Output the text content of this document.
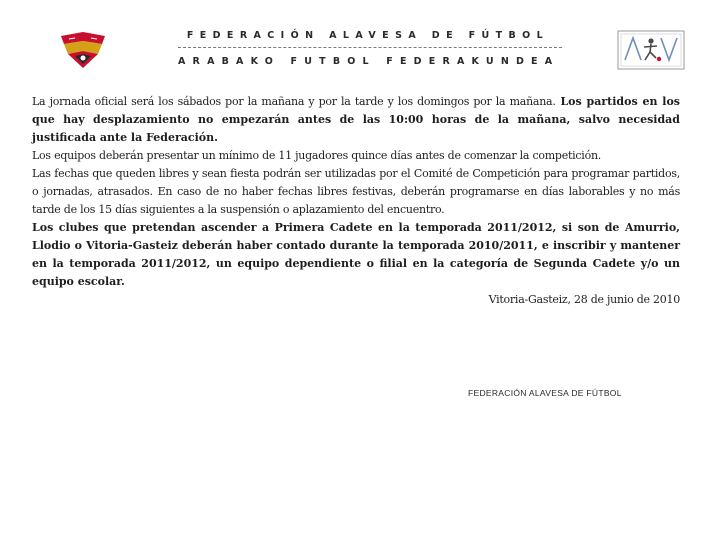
FEDERACIÓN ALAVESA DE FÚTBOL
ARABAKO FUTBOL FEDERAKUNDEA

La jornada oficial será los sábados por la mañana y por la tarde y los domingos por la mañana. Los partidos en los que hay desplazamiento no empezarán antes de las 10:00 horas de la mañana, salvo necesidad justificada ante la Federación.

Los equipos deberán presentar un mínimo de 11 jugadores quince días antes de comenzar la competición.

Las fechas que queden libres y sean fiesta podrán ser utilizadas por el Comité de Competición para programar partidos, o jornadas, atrasados. En caso de no haber fechas libres festivas, deberán programarse en días laborables y no más tarde de los 15 días siguientes a la suspensión o aplazamiento del encuentro.

Los clubes que pretendan ascender a Primera Cadete en la temporada 2011/2012, si son de Amurrio, Llodio o Vitoria-Gasteiz deberán haber contado durante la temporada 2010/2011, e inscribir y mantener en la temporada 2011/2012, un equipo dependiente o filial en la categoría de Segunda Cadete y/o un equipo escolar.

Vitoria-Gasteiz, 28 de junio de 2010

FEDERACIÓN ALAVESA DE FÚTBOL
